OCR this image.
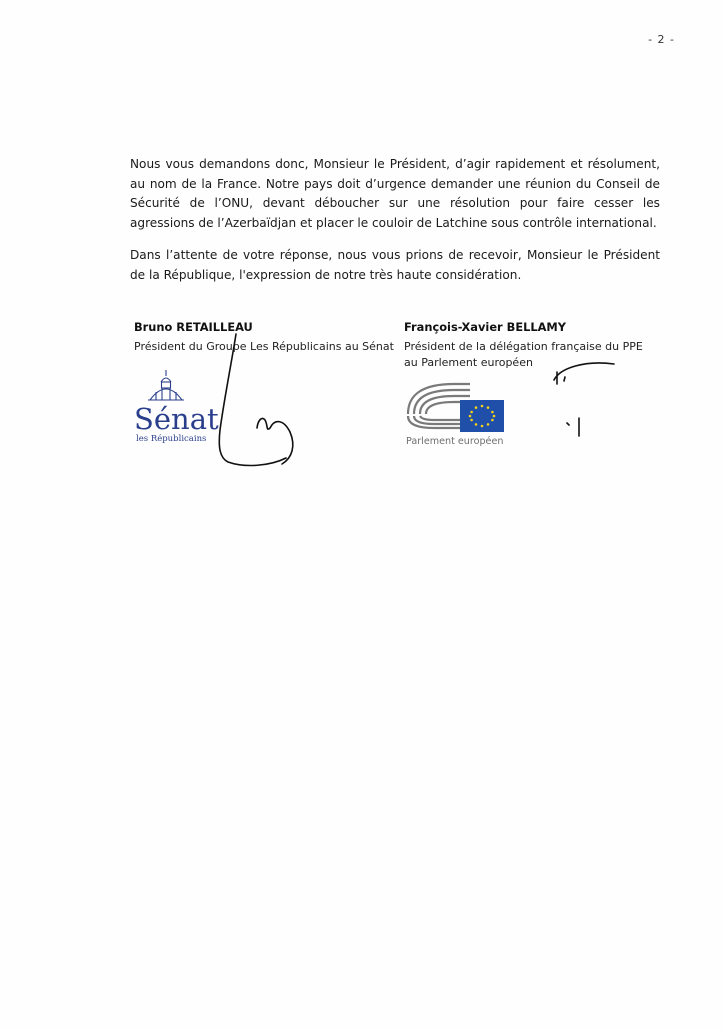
- 2 -
Nous vous demandons donc, Monsieur le Président, d’agir rapidement et résolument, au nom de la France. Notre pays doit d’urgence demander une réunion du Conseil de Sécurité de l’ONU, devant déboucher sur une résolution pour faire cesser les agressions de l’Azerbaïdjan et placer le couloir de Latchine sous contrôle international.
Dans l’attente de votre réponse, nous vous prions de recevoir, Monsieur le Président de la République, l'expression de notre très haute considération.
Bruno RETAILLEAU
Président du Groupe Les Républicains au Sénat
François-Xavier BELLAMY
Président de la délégation française du PPE
au Parlement européen
Sénat
les Républicains	Parlement européen
